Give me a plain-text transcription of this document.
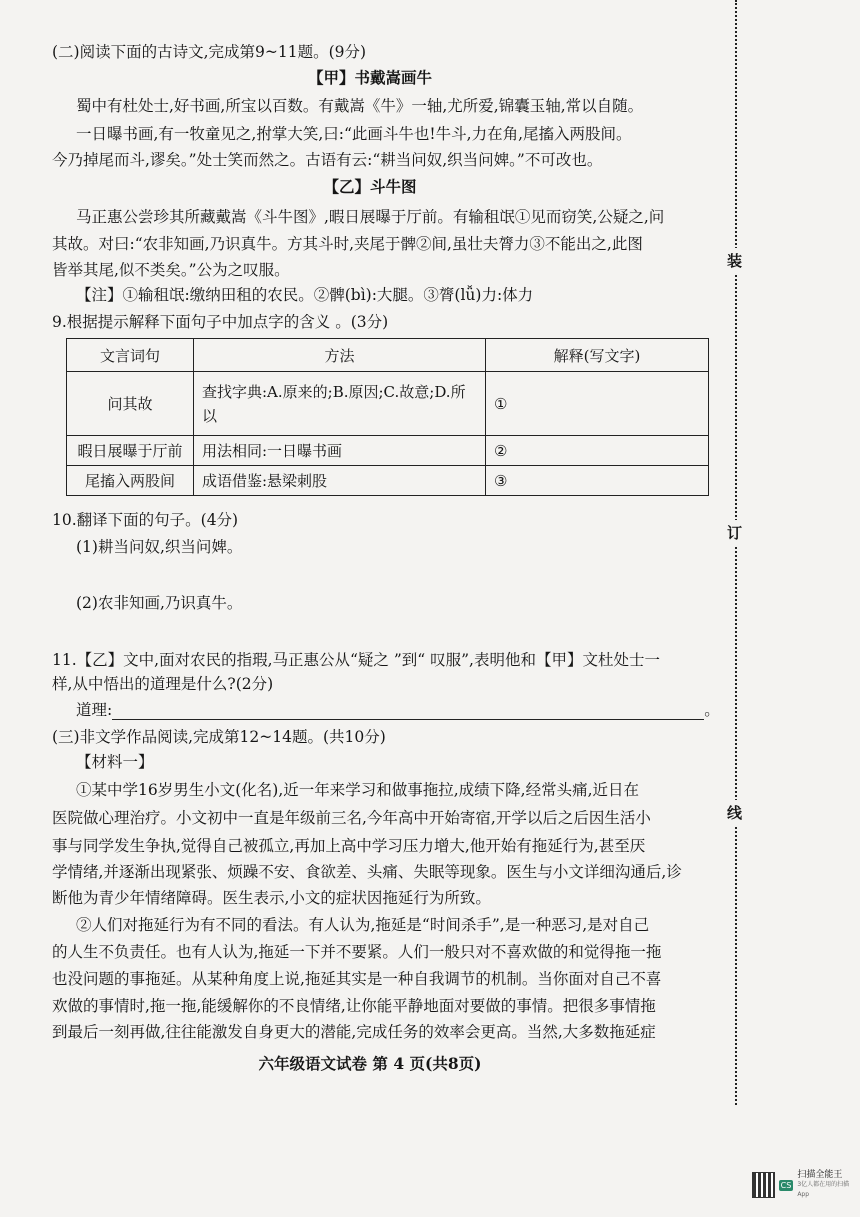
装
订
线
(二)阅读下面的古诗文,完成第9~11题。(9分)
【甲】书戴嵩画牛
蜀中有杜处士,好书画,所宝以百数。有戴嵩《牛》一轴,尤所爱,锦囊玉轴,常以自随。
一日曝书画,有一牧童见之,拊掌大笑,曰:“此画斗牛也!牛斗,力在角,尾搐入两股间。
今乃掉尾而斗,谬矣。”处士笑而然之。古语有云:“耕当问奴,织当问婢。”不可改也。
【乙】斗牛图
马正惠公尝珍其所藏戴嵩《斗牛图》,暇日展曝于厅前。有输租氓①见而窃笑,公疑之,问
其故。对曰:“农非知画,乃识真牛。方其斗时,夹尾于髀②间,虽壮夫膂力③不能出之,此图
皆举其尾,似不类矣。”公为之叹服。
【注】①输租氓:缴纳田租的农民。②髀(bì):大腿。③膂(lǚ)力:体力
9.根据提示解释下面句子中加点字的含义 。(3分)
文言词句	方法	解释(写文字)
问其故	查找字典:A.原来的;B.原因;C.故意;D.所以	①
暇日展曝于厅前	用法相同:一日曝书画	②
尾搐入两股间	成语借鉴:悬梁刺股	③
10.翻译下面的句子。(4分)
(1)耕当问奴,织当问婢。
(2)农非知画,乃识真牛。
11.【乙】文中,面对农民的指瑕,马正惠公从“疑之 ”到“ 叹服”,表明他和【甲】文杜处士一
样,从中悟出的道理是什么?(2分)
道理:	。
(三)非文学作品阅读,完成第12~14题。(共10分)
【材料一】
①某中学16岁男生小文(化名),近一年来学习和做事拖拉,成绩下降,经常头痛,近日在
医院做心理治疗。小文初中一直是年级前三名,今年高中开始寄宿,开学以后之后因生活小
事与同学发生争执,觉得自己被孤立,再加上高中学习压力增大,他开始有拖延行为,甚至厌
学情绪,并逐渐出现紧张、烦躁不安、食欲差、头痛、失眠等现象。医生与小文详细沟通后,诊
断他为青少年情绪障碍。医生表示,小文的症状因拖延行为所致。
②人们对拖延行为有不同的看法。有人认为,拖延是“时间杀手”,是一种恶习,是对自己
的人生不负责任。也有人认为,拖延一下并不要紧。人们一般只对不喜欢做的和觉得拖一拖
也没问题的事拖延。从某种角度上说,拖延其实是一种自我调节的机制。当你面对自己不喜
欢做的事情时,拖一拖,能缓解你的不良情绪,让你能平静地面对要做的事情。把很多事情拖
到最后一刻再做,往往能激发自身更大的潜能,完成任务的效率会更高。当然,大多数拖延症
六年级语文试卷 第 4 页(共8页)
CS
扫描全能王
3亿人都在用的扫描App
